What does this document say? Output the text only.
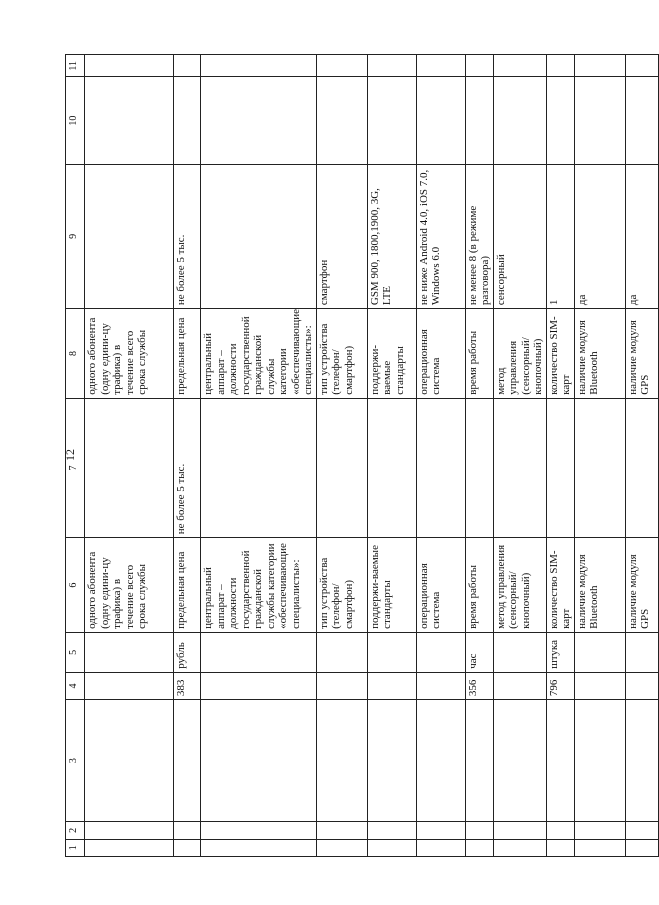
12
1	2	3	4	5	6	7	8	9	10	11

					одного абонента (одну едини-цу трафика) в течение всего срока службы		одного абонента (одну едини-цу трафика) в течение всего срока службы			

			383	рубль	предельная цена	не более 5 тыс.	предельная цена	не более 5 тыс.		

					центральный аппарат – должности государственной гражданской службы категории «обеспечивающие специалисты»:		центральный аппарат – должности государственной гражданской службы категории «обеспечивающие специалисты»:			

					тип устройства (телефон/ смартфон)		тип устройства (телефон/ смартфон)	смартфон		

					поддержи-ваемые стандарты		поддержи-ваемые стандарты	GSM 900, 1800,1900, 3G, LTE		

					операционная система		операционная система	не ниже Android 4.0, iOS 7.0, Windows 6.0		

			356	час	время работы		время работы	не менее 8 (в режиме разговора)		

					метод управления (сенсорный/ кнопочный)		метод управления (сенсорный/ кнопочный)	сенсорный		

			796	штука	количество SIM-карт		количество SIM-карт	1		

					наличие модуля Bluetooth		наличие модуля Bluetooth	да		

					наличие модуля GPS		наличие модуля GPS	да		
